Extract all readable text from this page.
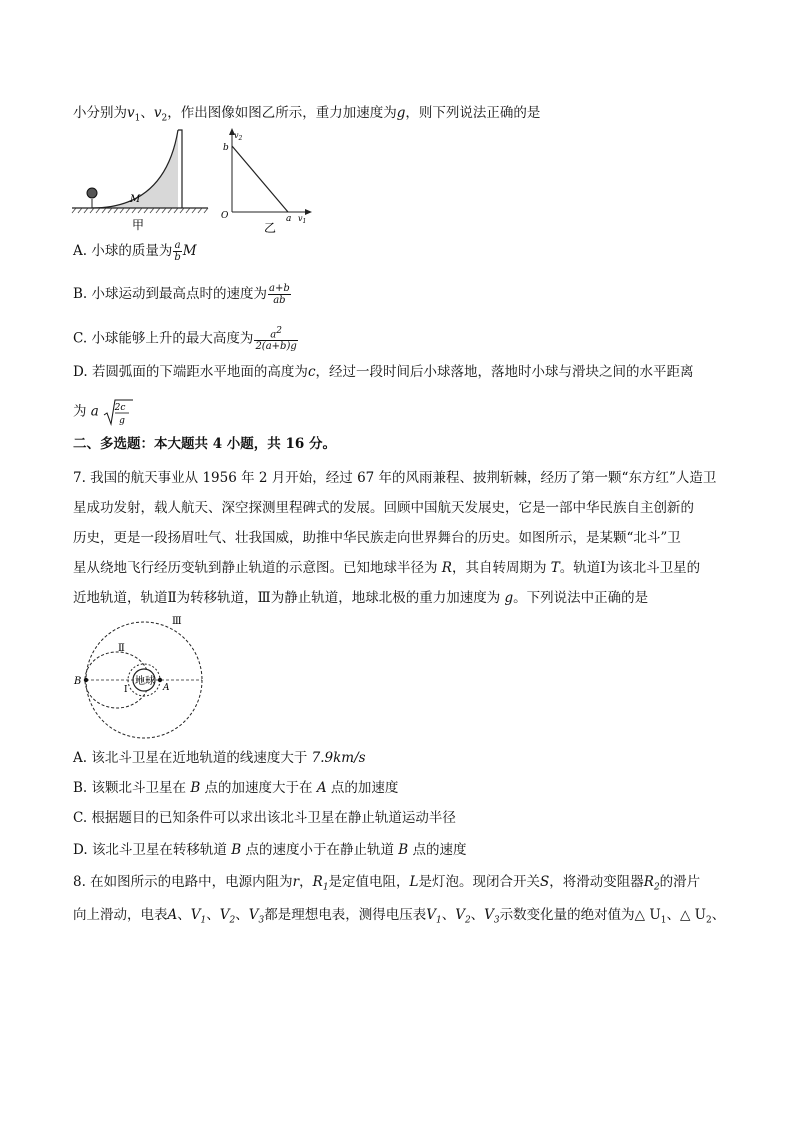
小分别为$v_1$、$v_2$，作出图像如图乙所示，重力加速度为g，则下列说法正确的是
M
甲
$v_2$
b
O	a $v_1$
乙
A. 小球的质量为 $\frac{a}{b}$ M
B. 小球运动到最高点时的速度为 $\frac{a+b}{ab}$
C. 小球能够上升的最大高度为 $\frac{a^2}{2(a+b)g}$
D. 若圆弧面的下端距水平地面的高度为c，经过一段时间后小球落地，落地时小球与滑块之间的水平距离
为 a 2c
g
二、多选题：本大题共 4 小题，共 16 分。
7. 我国的航天事业从 1956 年 2 月开始，经过 67 年的风雨兼程、披荆斩棘，经历了第一颗“东方红”人造卫
星成功发射，载人航天、深空探测里程碑式的发展。回顾中国航天发展史，它是一部中华民族自主创新的
历史，更是一段扬眉吐气、壮我国威，助推中华民族走向世界舞台的历史。如图所示，是某颗“北斗”卫
星从绕地飞行经历变轨到静止轨道的示意图。已知地球半径为 R，其自转周期为 T。轨道Ⅰ为该北斗卫星的
近地轨道，轨道Ⅱ为转移轨道，Ⅲ为静止轨道，地球北极的重力加速度为 g。下列说法中正确的是
地球
Ⅲ
Ⅱ
Ⅰ
B
A
A. 该北斗卫星在近地轨道的线速度大于 7.9km/s
B. 该颗北斗卫星在 B 点的加速度大于在 A 点的加速度
C. 根据题目的已知条件可以求出该北斗卫星在静止轨道运动半径
D. 该北斗卫星在转移轨道 B 点的速度小于在静止轨道 B 点的速度
8. 在如图所示的电路中，电源内阻为r，$R_1$是定值电阻，L是灯泡。现闭合开关S，将滑动变阻器$R_2$的滑片
向上滑动，电表A、$V_1$、$V_2$、$V_3$都是理想电表，测得电压表$V_1$、$V_2$、$V_3$示数变化量的绝对值为△ $U_1$、△ $U_2$、
